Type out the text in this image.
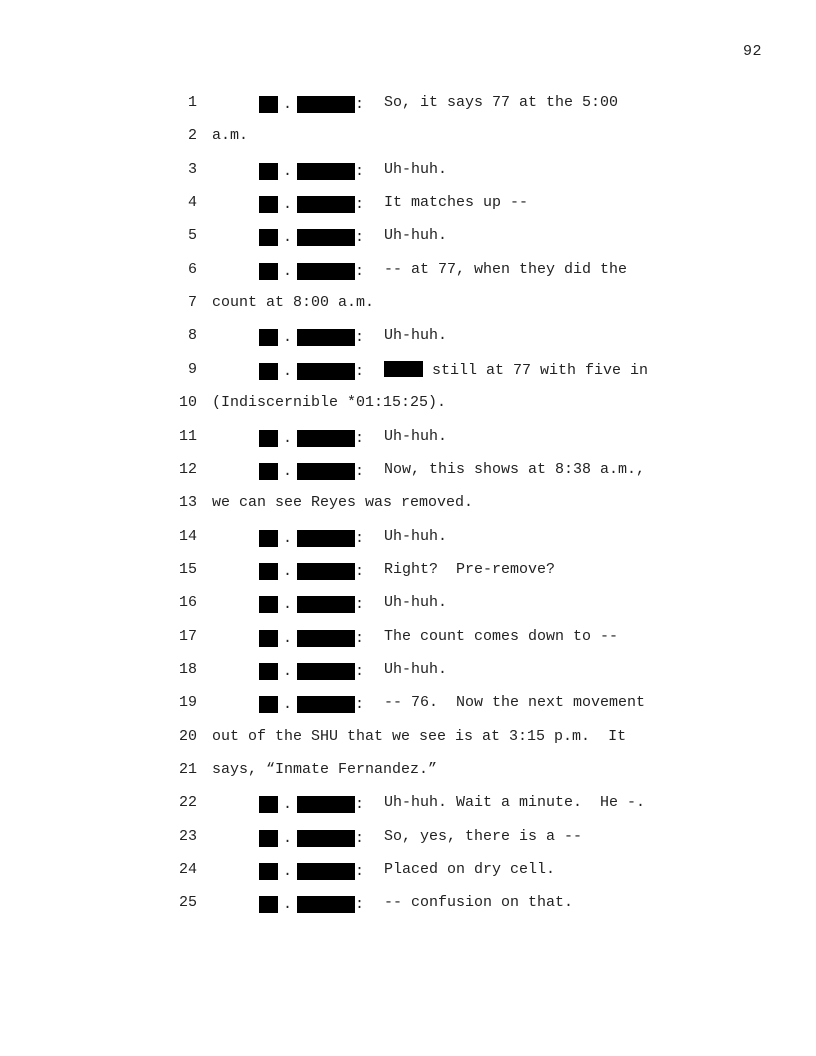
92
1	.	: So, it says 77 at the 5:00
2 a.m.
3	.	: Uh-huh.
4	.	: It matches up --
5	.	: Uh-huh.
6	.	: -- at 77, when they did the
7 count at 8:00 a.m.
8	.	: Uh-huh.
9	.	:	still at 77 with five in
10 (Indiscernible *01:15:25).
11	.	: Uh-huh.
12	.	: Now, this shows at 8:38 a.m.,
13 we can see Reyes was removed.
14	.	: Uh-huh.
15	.	: Right?  Pre-remove?
16	.	: Uh-huh.
17	.	: The count comes down to --
18	.	: Uh-huh.
19	.	: -- 76.  Now the next movement
20 out of the SHU that we see is at 3:15 p.m.  It
21 says, “Inmate Fernandez.”
22	.	: Uh-huh. Wait a minute.  He -.
23	.	: So, yes, there is a --
24	.	: Placed on dry cell.
25	.	: -- confusion on that.
